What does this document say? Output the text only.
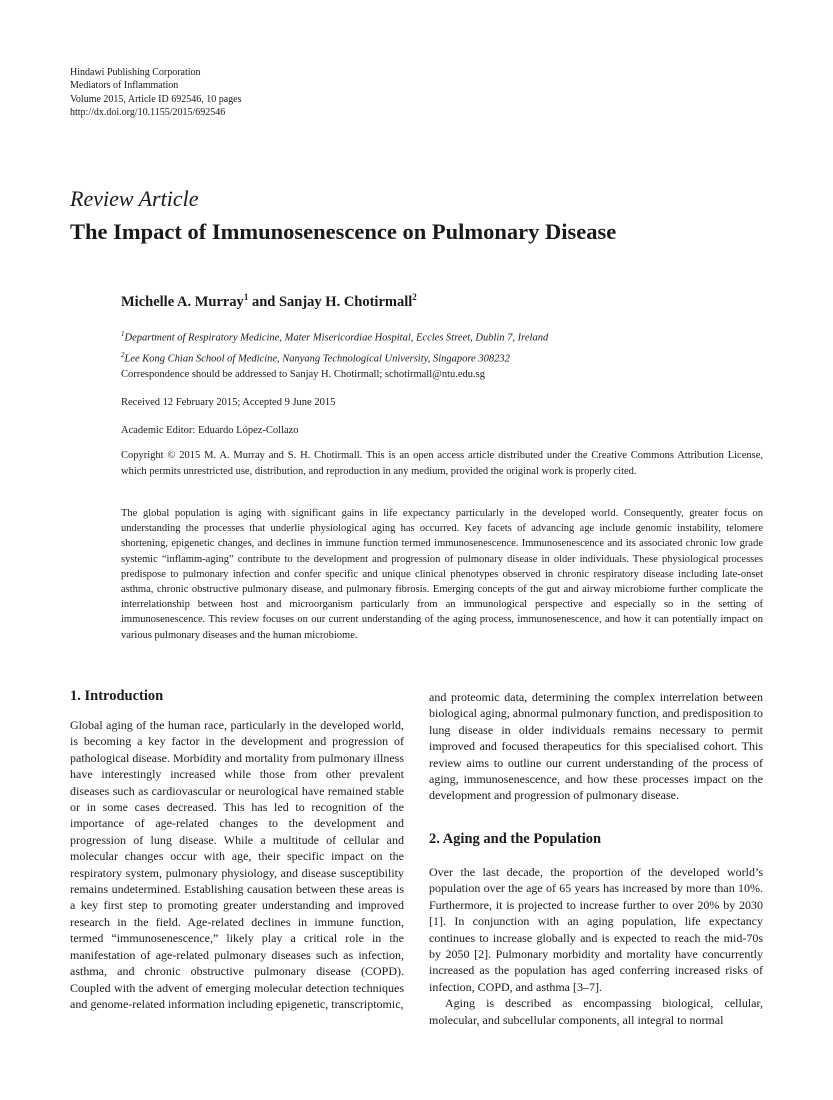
Hindawi Publishing Corporation
Mediators of Inflammation
Volume 2015, Article ID 692546, 10 pages
http://dx.doi.org/10.1155/2015/692546
Review Article
The Impact of Immunosenescence on Pulmonary Disease
Michelle A. Murray$^1$ and Sanjay H. Chotirmall$^2$
$^1$Department of Respiratory Medicine, Mater Misericordiae Hospital, Eccles Street, Dublin 7, Ireland
$^2$Lee Kong Chian School of Medicine, Nanyang Technological University, Singapore 308232
Correspondence should be addressed to Sanjay H. Chotirmall; schotirmall@ntu.edu.sg
Received 12 February 2015; Accepted 9 June 2015
Academic Editor: Eduardo López-Collazo
Copyright © 2015 M. A. Murray and S. H. Chotirmall. This is an open access article distributed under the Creative Commons Attribution License, which permits unrestricted use, distribution, and reproduction in any medium, provided the original work is properly cited.
The global population is aging with significant gains in life expectancy particularly in the developed world. Consequently, greater focus on understanding the processes that underlie physiological aging has occurred. Key facets of advancing age include genomic instability, telomere shortening, epigenetic changes, and declines in immune function termed immunosenescence. Immunosenescence and its associated chronic low grade systemic “inflamm-aging” contribute to the development and progression of pulmonary disease in older individuals. These physiological processes predispose to pulmonary infection and confer specific and unique clinical phenotypes observed in chronic respiratory disease including late-onset asthma, chronic obstructive pulmonary disease, and pulmonary fibrosis. Emerging concepts of the gut and airway microbiome further complicate the interrelationship between host and microorganism particularly from an immunological perspective and especially so in the setting of immunosenescence. This review focuses on our current understanding of the aging process, immunosenescence, and how it can potentially impact on various pulmonary diseases and the human microbiome.
1. Introduction

Global aging of the human race, particularly in the developed world, is becoming a key factor in the development and progression of pathological disease. Morbidity and mortality from pulmonary illness have interestingly increased while those from other prevalent diseases such as cardiovascular or neurological have remained stable or in some cases decreased. This has led to recognition of the importance of age-related changes to the development and progression of lung disease. While a multitude of cellular and molecular changes occur with age, their specific impact on the respiratory system, pulmonary physiology, and disease susceptibility remains undetermined. Establishing causation between these areas is a key first step to promoting greater understanding and improved research in the field. Age-related declines in immune function, termed “immunosenescence,” likely play a critical role in the manifestation of age-related pulmonary diseases such as infection, asthma, and chronic obstructive pulmonary disease (COPD). Coupled with the advent of emerging molecular detection techniques and genome-related information including epigenetic, transcriptomic,

and proteomic data, determining the complex interrelation between biological aging, abnormal pulmonary function, and predisposition to lung disease in older individuals remains necessary to permit improved and focused therapeutics for this specialised cohort. This review aims to outline our current understanding of the process of aging, immunosenescence, and how these processes impact on the development and progression of pulmonary disease.

2. Aging and the Population

Over the last decade, the proportion of the developed world’s population over the age of 65 years has increased by more than 10%. Furthermore, it is projected to increase further to over 20% by 2030 [1]. In conjunction with an aging population, life expectancy continues to increase globally and is expected to reach the mid-70s by 2050 [2]. Pulmonary morbidity and mortality have concurrently increased as the population has aged conferring increased risks of infection, COPD, and asthma [3–7].

Aging is described as encompassing biological, cellular, molecular, and subcellular components, all integral to normal
